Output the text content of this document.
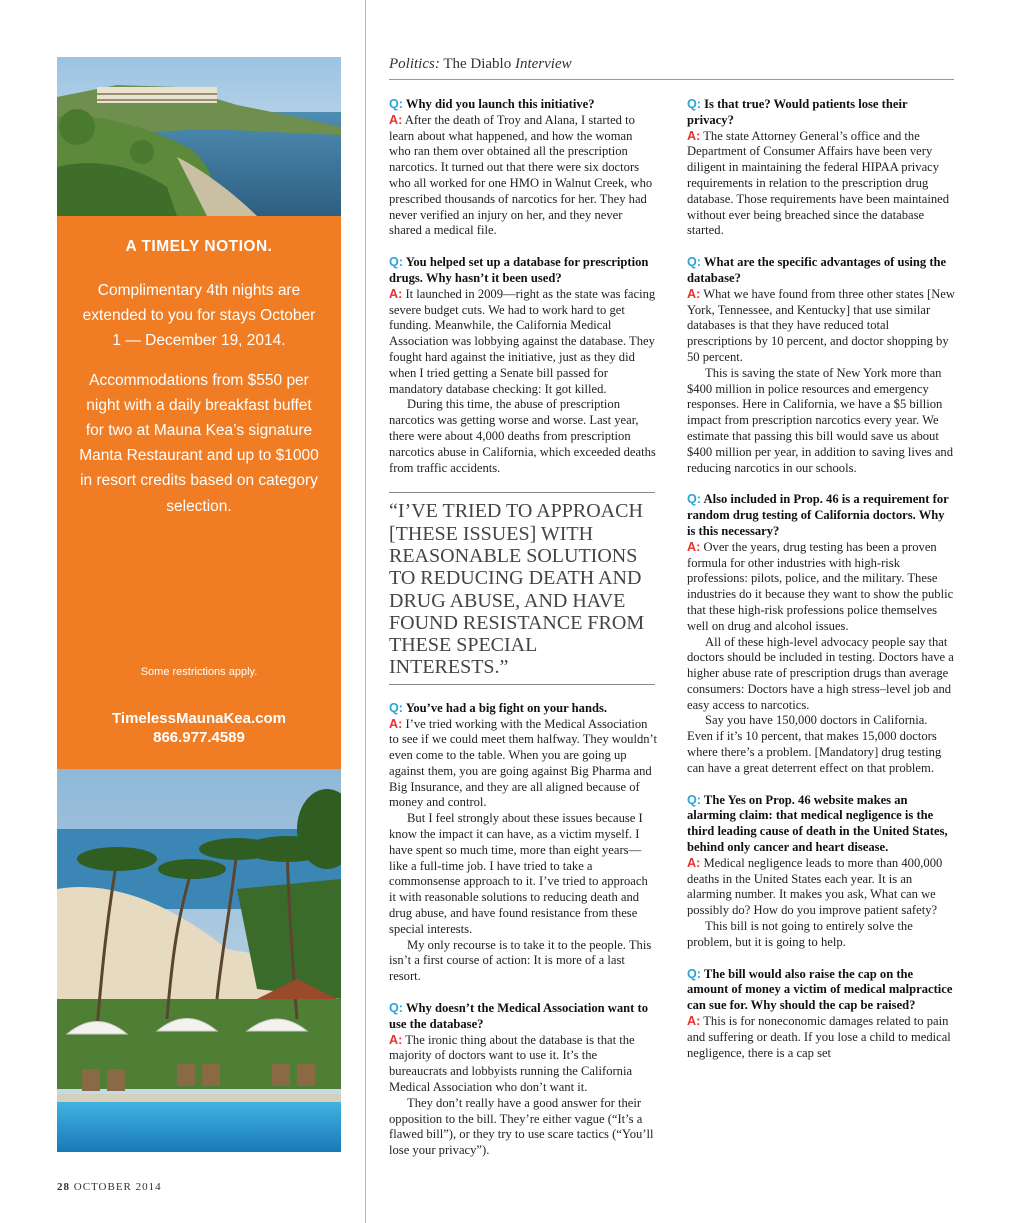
A TIMELY NOTION.

Complimentary 4th nights are extended to you for stays October 1 — December 19, 2014.

Accommodations from $550 per night with a daily breakfast buffet for two at Mauna Kea’s signature Manta Restaurant and up to $1000 in resort credits based on category selection.

Some restrictions apply.
TimelessMaunaKea.com
866.977.4589
Politics: The Diablo Interview
Q: Why did you launch this initiative?
A: After the death of Troy and Alana, I started to learn about what happened, and how the woman who ran them over obtained all the prescription narcotics. It turned out that there were six doctors who all worked for one HMO in Walnut Creek, who prescribed thousands of narcotics for her. They had never verified an injury on her, and they never shared a medical file.
Q: You helped set up a database for prescription drugs. Why hasn’t it been used?
A: It launched in 2009—right as the state was facing severe budget cuts. We had to work hard to get funding. Meanwhile, the California Medical Association was lobbying against the database. They fought hard against the initiative, just as they did when I tried getting a Senate bill passed for mandatory database checking: It got killed.
During this time, the abuse of prescription narcotics was getting worse and worse. Last year, there were about 4,000 deaths from prescription narcotics abuse in California, which exceeded deaths from traffic accidents.
“I’VE TRIED TO APPROACH [THESE ISSUES] WITH REASONABLE SOLUTIONS TO REDUCING DEATH AND DRUG ABUSE, AND HAVE FOUND RESISTANCE FROM THESE SPECIAL INTERESTS.”
Q: You’ve had a big fight on your hands.
A: I’ve tried working with the Medical Association to see if we could meet them halfway. They wouldn’t even come to the table. When you are going up against them, you are going against Big Pharma and Big Insurance, and they are all aligned because of money and control.
But I feel strongly about these issues because I know the impact it can have, as a victim myself. I have spent so much time, more than eight years—like a full-time job. I have tried to take a commonsense approach to it. I’ve tried to approach it with reasonable solutions to reducing death and drug abuse, and have found resistance from these special interests.
My only recourse is to take it to the people. This isn’t a first course of action: It is more of a last resort.
Q: Why doesn’t the Medical Association want to use the database?
A: The ironic thing about the database is that the majority of doctors want to use it. It’s the bureaucrats and lobbyists running the California Medical Association who don’t want it.
They don’t really have a good answer for their opposition to the bill. They’re either vague (“It’s a flawed bill”), or they try to use scare tactics (“You’ll lose your privacy”).
Q: Is that true? Would patients lose their privacy?
A: The state Attorney General’s office and the Department of Consumer Affairs have been very diligent in maintaining the federal HIPAA privacy requirements in relation to the prescription drug database. Those requirements have been maintained without ever being breached since the database started.
Q: What are the specific advantages of using the database?
A: What we have found from three other states [New York, Tennessee, and Kentucky] that use similar databases is that they have reduced total prescriptions by 10 percent, and doctor shopping by 50 percent.
This is saving the state of New York more than $400 million in police resources and emergency responses. Here in California, we have a $5 billion impact from prescription narcotics every year. We estimate that passing this bill would save us about $400 million per year, in addition to saving lives and reducing narcotics in our schools.
Q: Also included in Prop. 46 is a requirement for random drug testing of California doctors. Why is this necessary?
A: Over the years, drug testing has been a proven formula for other industries with high-risk professions: pilots, police, and the military. These industries do it because they want to show the public that these high-risk professions police themselves well on drug and alcohol issues.
All of these high-level advocacy people say that doctors should be included in testing. Doctors have a higher abuse rate of prescription drugs than average consumers: Doctors have a high stress–level job and easy access to narcotics.
Say you have 150,000 doctors in California. Even if it’s 10 percent, that makes 15,000 doctors where there’s a problem. [Mandatory] drug testing can have a great deterrent effect on that problem.
Q: The Yes on Prop. 46 website makes an alarming claim: that medical negligence is the third leading cause of death in the United States, behind only cancer and heart disease.
A: Medical negligence leads to more than 400,000 deaths in the United States each year. It is an alarming number. It makes you ask, What can we possibly do? How do you improve patient safety?
This bill is not going to entirely solve the problem, but it is going to help.
Q: The bill would also raise the cap on the amount of money a victim of medical malpractice can sue for. Why should the cap be raised?
A: This is for noneconomic damages related to pain and suffering or death. If you lose a child to medical negligence, there is a cap set
28 OCTOBER 2014
